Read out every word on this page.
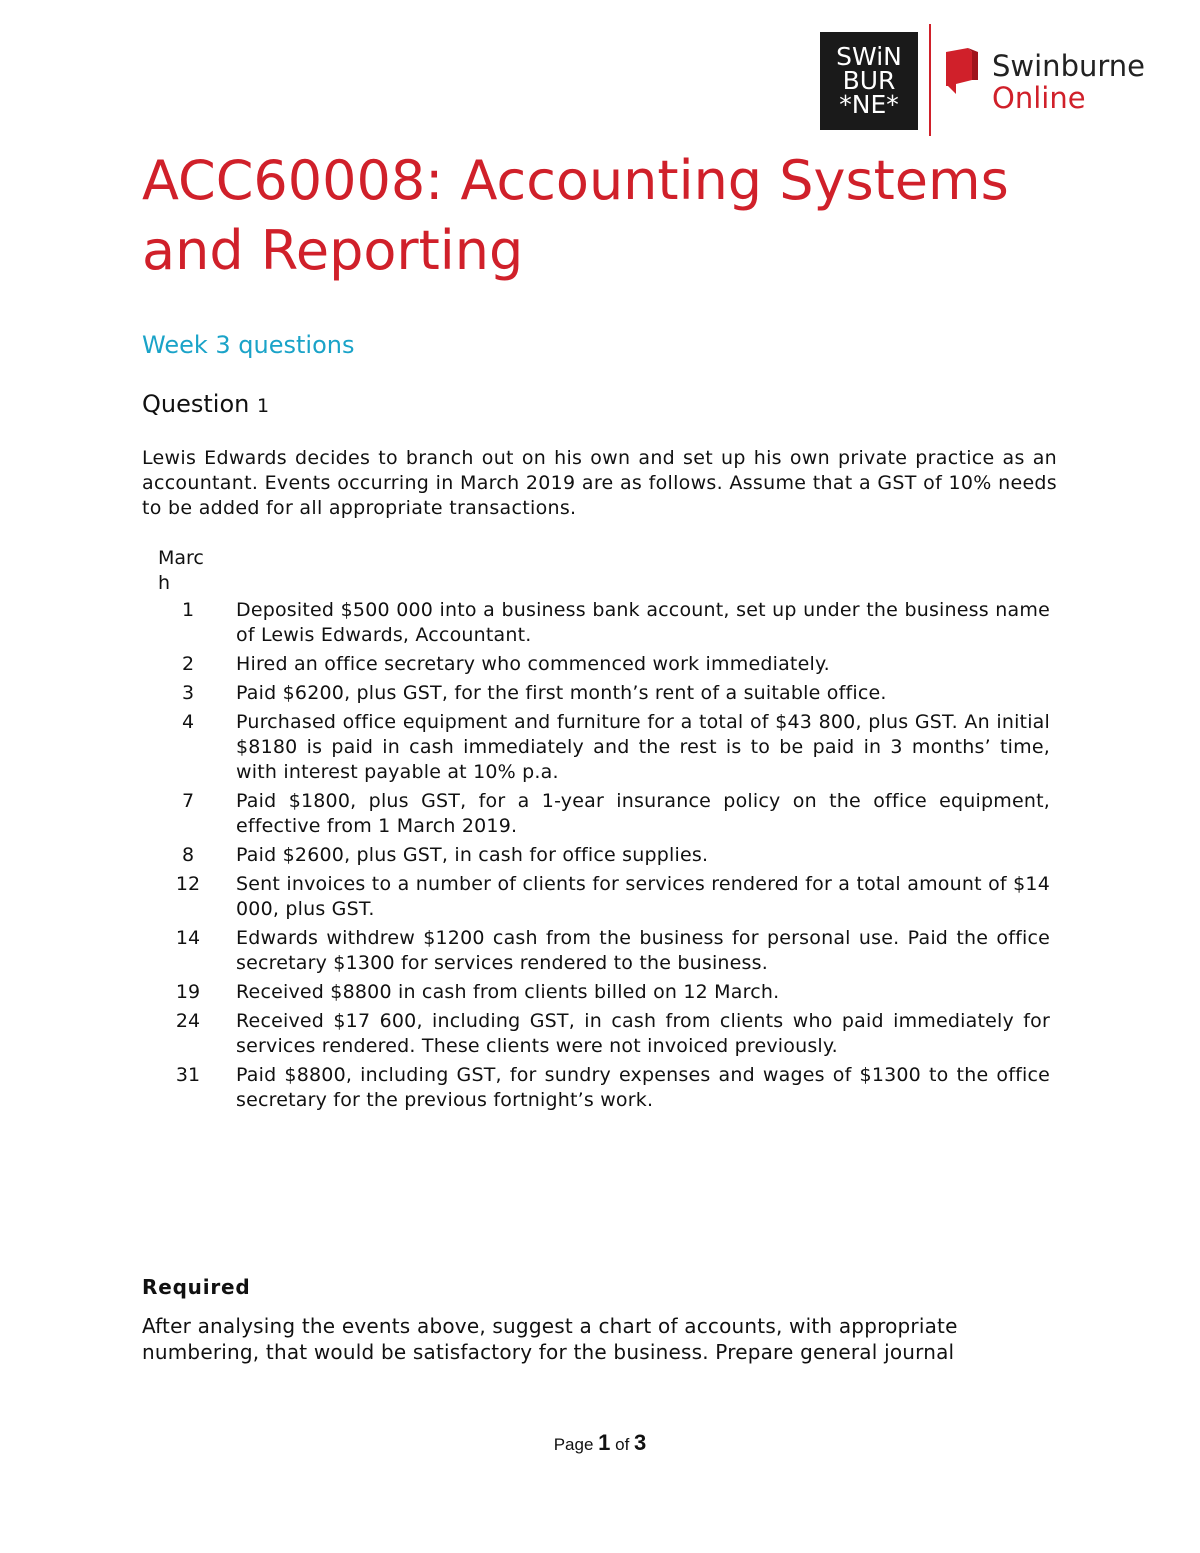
SWiN
BUR
*NE*
Swinburne
Online
ACC60008: Accounting Systems and Reporting
Week 3 questions
Question 1

Lewis Edwards decides to branch out on his own and set up his own private practice as an accountant. Events occurring in March 2019 are as follows. Assume that a GST of 10% needs to be added for all appropriate transactions.

March
1	Deposited $500 000 into a business bank account, set up under the business name of Lewis Edwards, Accountant.
2	Hired an office secretary who commenced work immediately.
3	Paid $6200, plus GST, for the first month’s rent of a suitable office.
4	Purchased office equipment and furniture for a total of $43 800, plus GST. An initial $8180 is paid in cash immediately and the rest is to be paid in 3 months’ time, with interest payable at 10% p.a.
7	Paid $1800, plus GST, for a 1-year insurance policy on the office equipment, effective from 1 March 2019.
8	Paid $2600, plus GST, in cash for office supplies.
12	Sent invoices to a number of clients for services rendered for a total amount of $14 000, plus GST.
14	Edwards withdrew $1200 cash from the business for personal use. Paid the office secretary $1300 for services rendered to the business.
19	Received $8800 in cash from clients billed on 12 March.
24	Received $17 600, including GST, in cash from clients who paid immediately for services rendered. These clients were not invoiced previously.
31	Paid $8800, including GST, for sundry expenses and wages of $1300 to the office secretary for the previous fortnight’s work.
Required

After analysing the events above, suggest a chart of accounts, with appropriate numbering, that would be satisfactory for the business. Prepare general journal

Page 1 of 3
